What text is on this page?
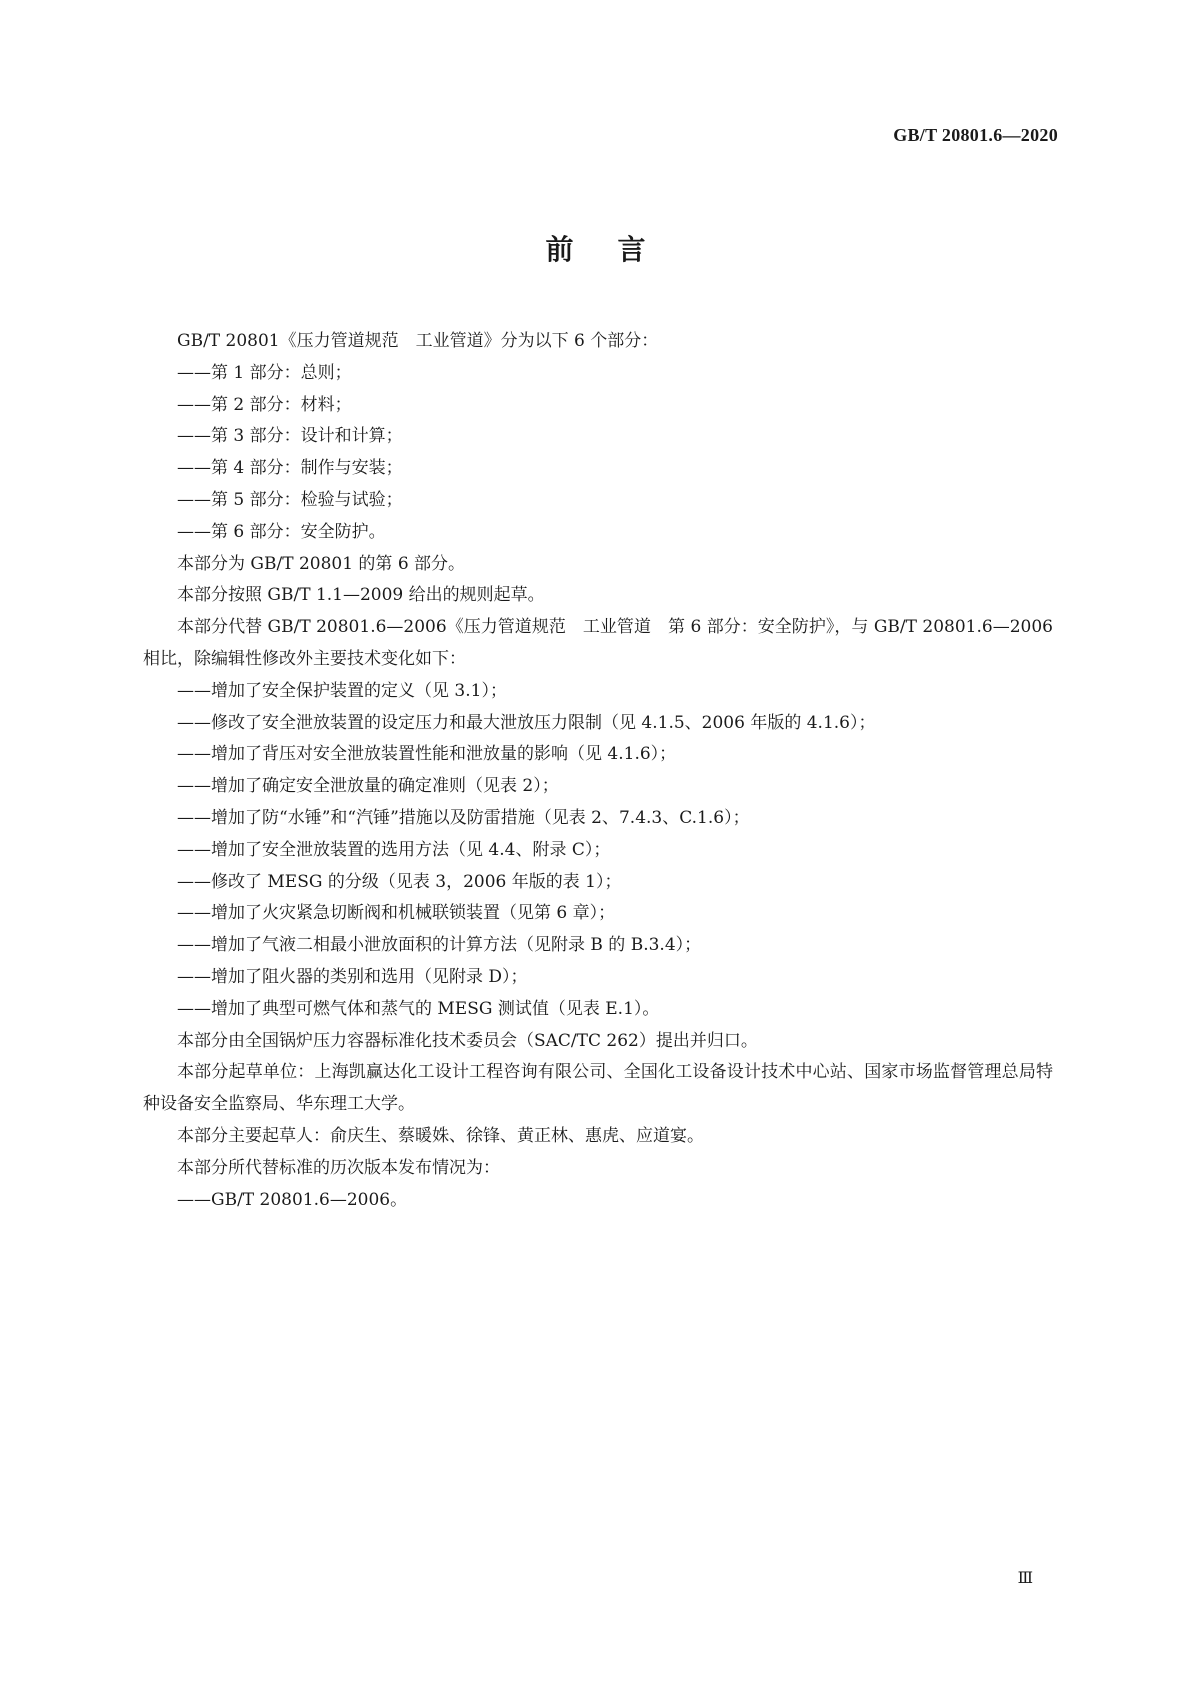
GB/T 20801.6—2020
前言

GB/T 20801《压力管道规范　工业管道》分为以下 6 个部分：

——第 1 部分：总则；

——第 2 部分：材料；

——第 3 部分：设计和计算；

——第 4 部分：制作与安装；

——第 5 部分：检验与试验；

——第 6 部分：安全防护。

本部分为 GB/T 20801 的第 6 部分。

本部分按照 GB/T 1.1—2009 给出的规则起草。

本部分代替 GB/T 20801.6—2006《压力管道规范　工业管道　第 6 部分：安全防护》，与 GB/T 20801.6—2006 相比，除编辑性修改外主要技术变化如下：

——增加了安全保护装置的定义（见 3.1）；

——修改了安全泄放装置的设定压力和最大泄放压力限制（见 4.1.5、2006 年版的 4.1.6）；

——增加了背压对安全泄放装置性能和泄放量的影响（见 4.1.6）；

——增加了确定安全泄放量的确定准则（见表 2）；

——增加了防“水锤”和“汽锤”措施以及防雷措施（见表 2、7.4.3、C.1.6）；

——增加了安全泄放装置的选用方法（见 4.4、附录 C）；

——修改了 MESG 的分级（见表 3，2006 年版的表 1）；

——增加了火灾紧急切断阀和机械联锁装置（见第 6 章）；

——增加了气液二相最小泄放面积的计算方法（见附录 B 的 B.3.4）；

——增加了阻火器的类别和选用（见附录 D）；

——增加了典型可燃气体和蒸气的 MESG 测试值（见表 E.1）。

本部分由全国锅炉压力容器标准化技术委员会（SAC/TC 262）提出并归口。

本部分起草单位：上海凯赢达化工设计工程咨询有限公司、全国化工设备设计技术中心站、国家市场监督管理总局特种设备安全监察局、华东理工大学。

本部分主要起草人：俞庆生、蔡暖姝、徐锋、黄正林、惠虎、应道宴。

本部分所代替标准的历次版本发布情况为：

——GB/T 20801.6—2006。

Ⅲ
